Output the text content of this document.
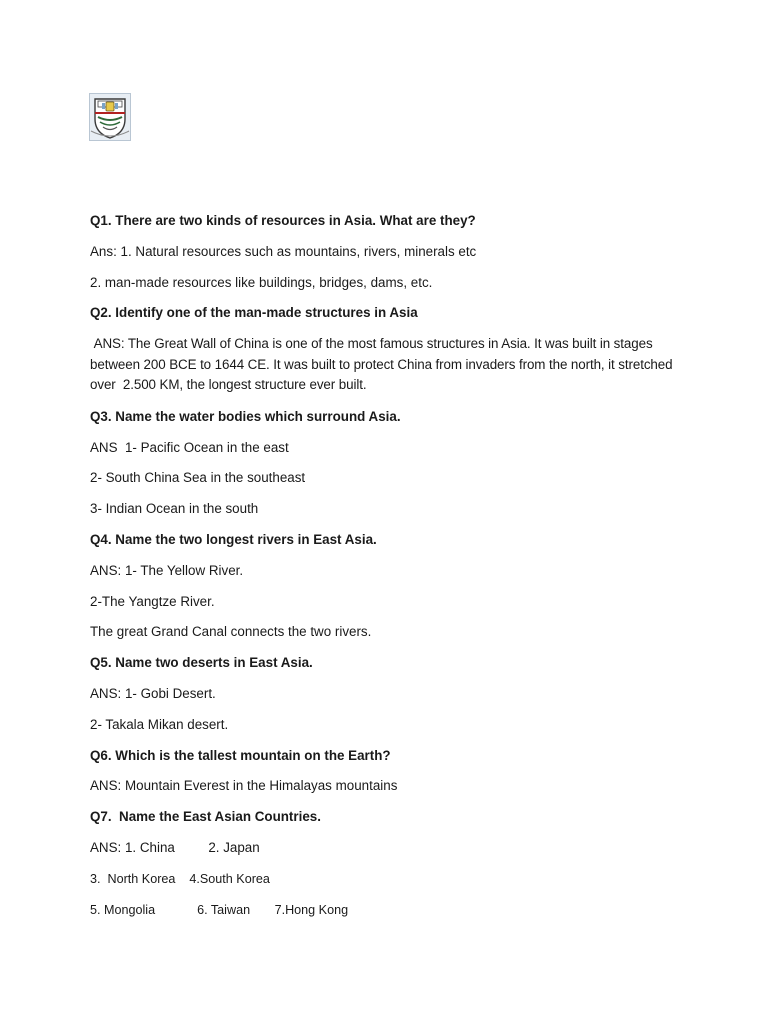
Q1. There are two kinds of resources in Asia. What are they?

Ans: 1. Natural resources such as mountains, rivers, minerals etc

2. man-made resources like buildings, bridges, dams, etc.

Q2. Identify one of the man-made structures in Asia

ANS: The Great Wall of China is one of the most famous structures in Asia. It was built in stages between 200 BCE to 1644 CE. It was built to protect China from invaders from the north, it stretched over  2.500 KM, the longest structure ever built.

Q3. Name the water bodies which surround Asia.

ANS  1- Pacific Ocean in the east

2- South China Sea in the southeast

3- Indian Ocean in the south

Q4. Name the two longest rivers in East Asia.

ANS: 1- The Yellow River.

2-The Yangtze River.

The great Grand Canal connects the two rivers.

Q5. Name two deserts in East Asia.

ANS: 1- Gobi Desert.

2- Takala Mikan desert.

Q6. Which is the tallest mountain on the Earth?

ANS: Mountain Everest in the Himalayas mountains

Q7.  Name the East Asian Countries.

ANS: 1. China         2. Japan

3.  North Korea    4.South Korea

5. Mongolia            6. Taiwan       7.Hong Kong
